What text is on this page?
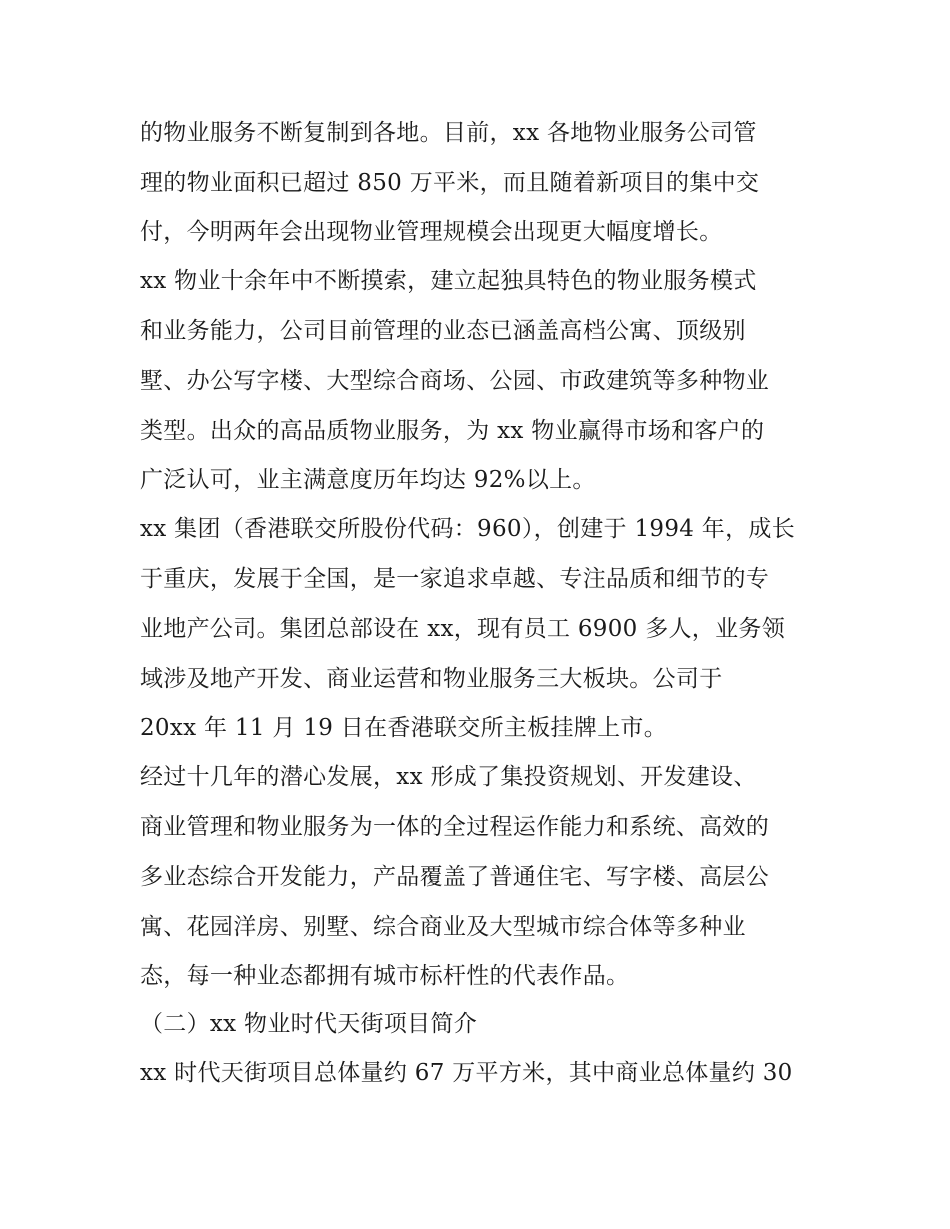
的物业服务不断复制到各地。目前，xx 各地物业服务公司管
理的物业面积已超过 850 万平米，而且随着新项目的集中交
付，今明两年会出现物业管理规模会出现更大幅度增长。
xx 物业十余年中不断摸索，建立起独具特色的物业服务模式
和业务能力，公司目前管理的业态已涵盖高档公寓、顶级别
墅、办公写字楼、大型综合商场、公园、市政建筑等多种物业
类型。出众的高品质物业服务，为 xx 物业赢得市场和客户的
广泛认可，业主满意度历年均达 92%以上。
xx 集团（香港联交所股份代码：960），创建于 1994 年，成长
于重庆，发展于全国，是一家追求卓越、专注品质和细节的专
业地产公司。集团总部设在 xx，现有员工 6900 多人，业务领
域涉及地产开发、商业运营和物业服务三大板块。公司于
20xx 年 11 月 19 日在香港联交所主板挂牌上市。
经过十几年的潜心发展，xx 形成了集投资规划、开发建设、
商业管理和物业服务为一体的全过程运作能力和系统、高效的
多业态综合开发能力，产品覆盖了普通住宅、写字楼、高层公
寓、花园洋房、别墅、综合商业及大型城市综合体等多种业
态，每一种业态都拥有城市标杆性的代表作品。
（二）xx 物业时代天街项目简介
xx 时代天街项目总体量约 67 万平方米，其中商业总体量约 30
